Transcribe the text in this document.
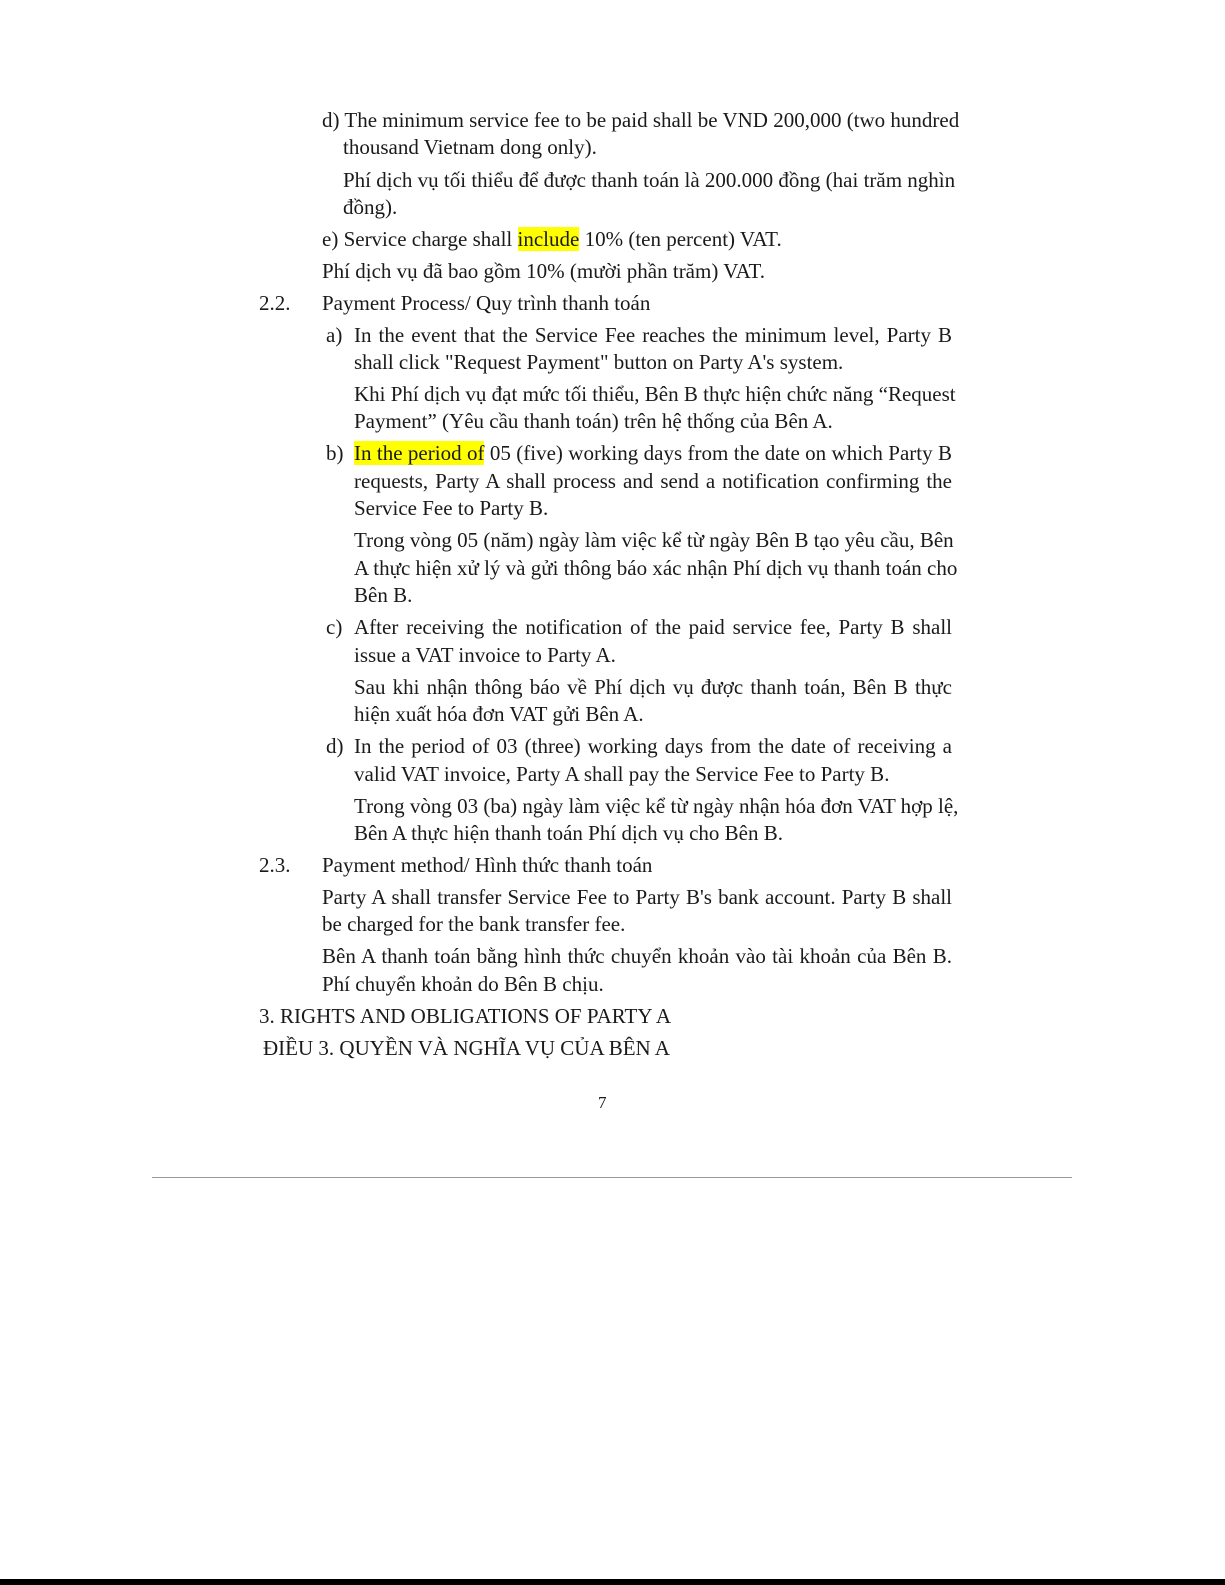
d) The minimum service fee to be paid shall be VND 200,000 (two hundred
thousand Vietnam dong only).
Phí dịch vụ tối thiểu để được thanh toán là 200.000 đồng (hai trăm nghìn
đồng).
e) Service charge shall include 10% (ten percent) VAT.
Phí dịch vụ đã bao gồm 10% (mười phần trăm) VAT.
2.2. Payment Process/ Quy trình thanh toán
a) In the event that the Service Fee reaches the minimum level, Party B
shall click "Request Payment" button on Party A's system.
Khi Phí dịch vụ đạt mức tối thiểu, Bên B thực hiện chức năng “Request
Payment” (Yêu cầu thanh toán) trên hệ thống của Bên A.
b) In the period of 05 (five) working days from the date on which Party B
requests, Party A shall process and send a notification confirming the
Service Fee to Party B.
Trong vòng 05 (năm) ngày làm việc kể từ ngày Bên B tạo yêu cầu, Bên
A thực hiện xử lý và gửi thông báo xác nhận Phí dịch vụ thanh toán cho
Bên B.
c) After receiving the notification of the paid service fee, Party B shall
issue a VAT invoice to Party A.
Sau khi nhận thông báo về Phí dịch vụ được thanh toán, Bên B thực
hiện xuất hóa đơn VAT gửi Bên A.
d) In the period of 03 (three) working days from the date of receiving a
valid VAT invoice, Party A shall pay the Service Fee to Party B.
Trong vòng 03 (ba) ngày làm việc kể từ ngày nhận hóa đơn VAT hợp lệ,
Bên A thực hiện thanh toán Phí dịch vụ cho Bên B.
2.3. Payment method/ Hình thức thanh toán
Party A shall transfer Service Fee to Party B's bank account. Party B shall
be charged for the bank transfer fee.
Bên A thanh toán bằng hình thức chuyển khoản vào tài khoản của Bên B.
Phí chuyển khoản do Bên B chịu.
3. RIGHTS AND OBLIGATIONS OF PARTY A
ĐIỀU 3. QUYỀN VÀ NGHĨA VỤ CỦA BÊN A
7
